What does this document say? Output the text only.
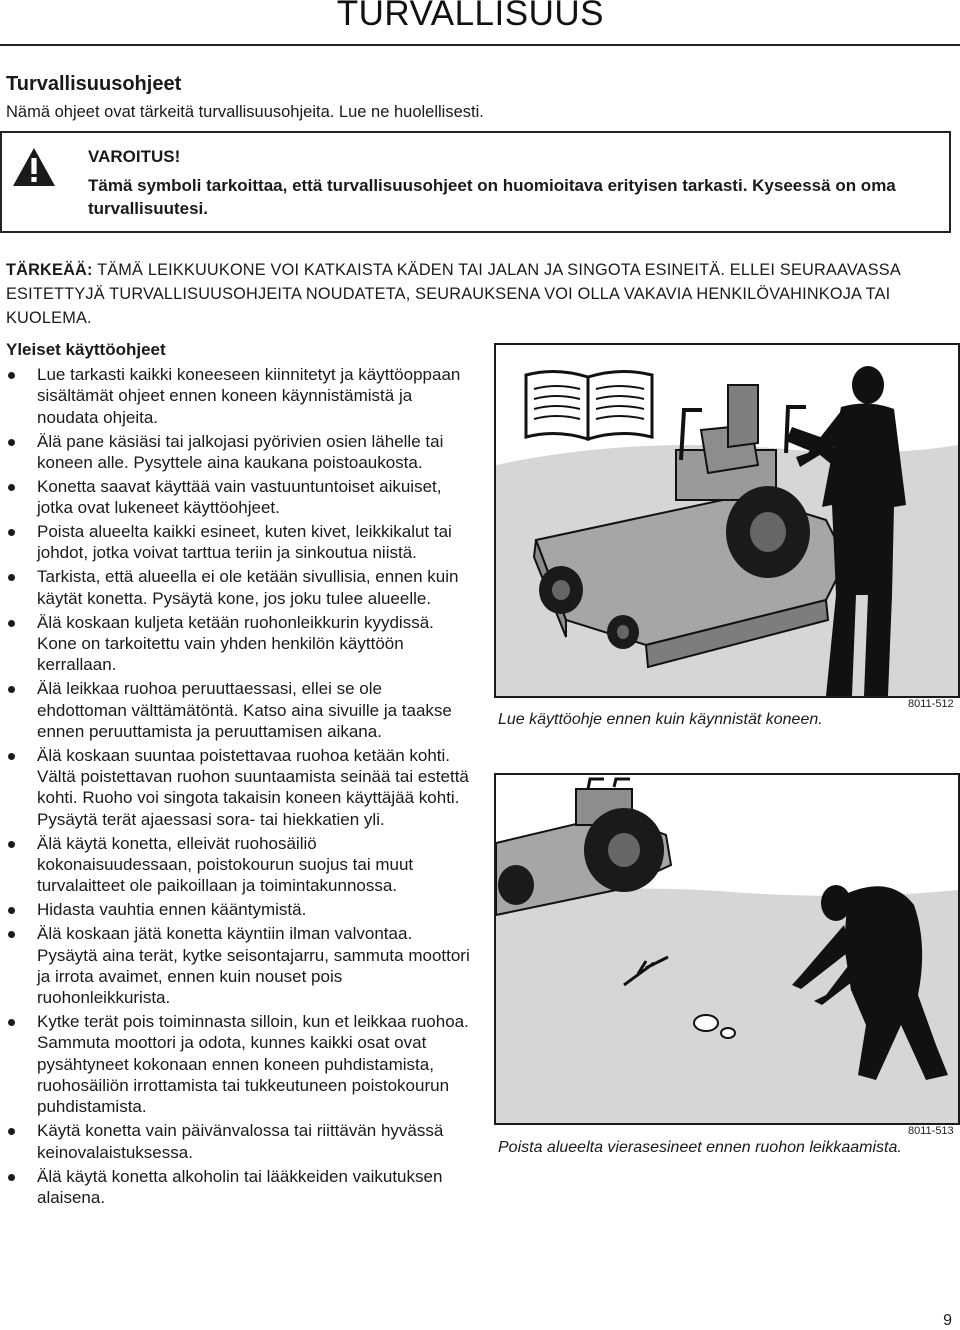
TURVALLISUUS
Turvallisuusohjeet

Nämä ohjeet ovat tärkeitä turvallisuusohjeita. Lue ne huolellisesti.

VAROITUS!
Tämä symboli tarkoittaa, että turvallisuusohjeet on huomioitava erityisen tarkasti. Kyseessä on oma turvallisuutesi.

TÄRKEÄÄ: TÄMÄ LEIKKUUKONE VOI KATKAISTA KÄDEN TAI JALAN JA SINGOTA ESINEITÄ. ELLEI SEURAAVASSA ESITETTYJÄ TURVALLISUUSOHJEITA NOUDATETA, SEURAUKSENA VOI OLLA VAKAVIA HENKILÖVAHINKOJA TAI KUOLEMA.

Yleiset käyttöohjeet
Lue tarkasti kaikki koneeseen kiinnitetyt ja käyttöoppaan sisältämät ohjeet ennen koneen käynnistämistä ja noudata ohjeita.
Älä pane käsiäsi tai jalkojasi pyörivien osien lähelle tai koneen alle. Pysyttele aina kaukana poistoaukosta.
Konetta saavat käyttää vain vastuuntuntoiset aikuiset, jotka ovat lukeneet käyttöohjeet.
Poista alueelta kaikki esineet, kuten kivet, leikkikalut tai johdot, jotka voivat tarttua teriin ja sinkoutua niistä.
Tarkista, että alueella ei ole ketään sivullisia, ennen kuin käytät konetta. Pysäytä kone, jos joku tulee alueelle.
Älä koskaan kuljeta ketään ruohonleikkurin kyydissä. Kone on tarkoitettu vain yhden henkilön käyttöön kerrallaan.
Älä leikkaa ruohoa peruuttaessasi, ellei se ole ehdottoman välttämätöntä. Katso aina sivuille ja taakse ennen peruuttamista ja peruuttamisen aikana.
Älä koskaan suuntaa poistettavaa ruohoa ketään kohti. Vältä poistettavan ruohon suuntaamista seinää tai estettä kohti. Ruoho voi singota takaisin koneen käyttäjää kohti. Pysäytä terät ajaessasi sora- tai hiekkatien yli.
Älä käytä konetta, elleivät ruohosäiliö kokonaisuudessaan, poistokourun suojus tai muut turvalaitteet ole paikoillaan ja toimintakunnossa.
Hidasta vauhtia ennen kääntymistä.
Älä koskaan jätä konetta käyntiin ilman valvontaa. Pysäytä aina terät, kytke seisontajarru, sammuta moottori ja irrota avaimet, ennen kuin nouset pois ruohonleikkurista.
Kytke terät pois toiminnasta silloin, kun et leikkaa ruohoa. Sammuta moottori ja odota, kunnes kaikki osat ovat pysähtyneet kokonaan ennen koneen puhdistamista, ruohosäiliön irrottamista tai tukkeutuneen poistokourun puhdistamista.
Käytä konetta vain päivänvalossa tai riittävän hyvässä keinovalaistuksessa.
Älä käytä konetta alkoholin tai lääkkeiden vaikutuksen alaisena.
8011-512
Lue käyttöohje ennen kuin käynnistät koneen.
8011-513
Poista alueelta vierasesineet ennen ruohon leikkaamista.
9
